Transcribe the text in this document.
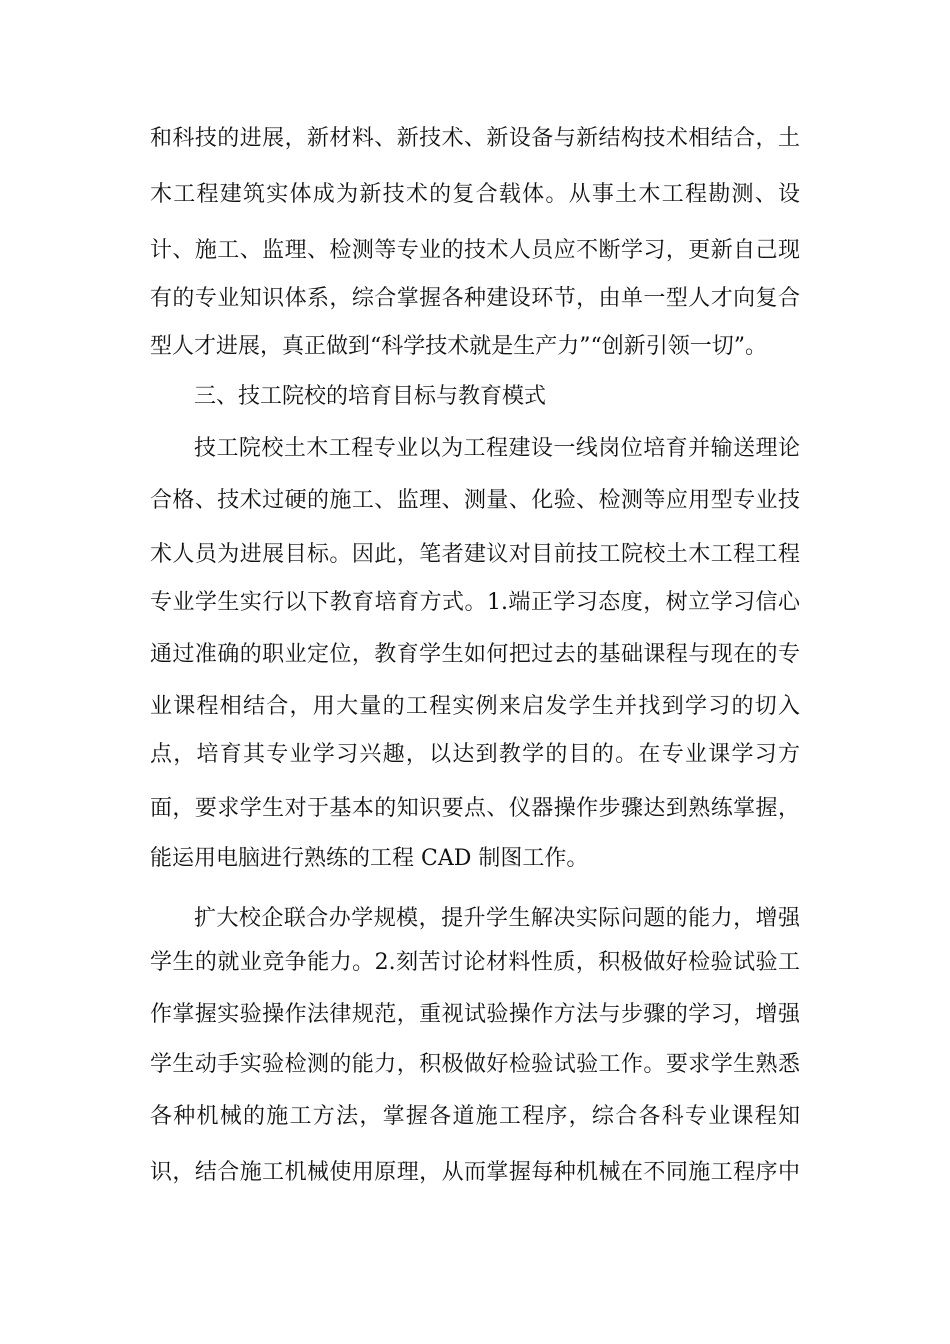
和科技的进展，新材料、新技术、新设备与新结构技术相结合，土
木工程建筑实体成为新技术的复合载体。从事土木工程勘测、设
计、施工、监理、检测等专业的技术人员应不断学习，更新自己现
有的专业知识体系，综合掌握各种建设环节，由单一型人才向复合
型人才进展，真正做到“科学技术就是生产力”“创新引领一切”。
三、技工院校的培育目标与教育模式
技工院校土木工程专业以为工程建设一线岗位培育并输送理论
合格、技术过硬的施工、监理、测量、化验、检测等应用型专业技
术人员为进展目标。因此，笔者建议对目前技工院校土木工程工程
专业学生实行以下教育培育方式。1.端正学习态度，树立学习信心
通过准确的职业定位，教育学生如何把过去的基础课程与现在的专
业课程相结合，用大量的工程实例来启发学生并找到学习的切入
点，培育其专业学习兴趣，以达到教学的目的。在专业课学习方
面，要求学生对于基本的知识要点、仪器操作步骤达到熟练掌握，
能运用电脑进行熟练的工程 CAD 制图工作。
扩大校企联合办学规模，提升学生解决实际问题的能力，增强
学生的就业竞争能力。2.刻苦讨论材料性质，积极做好检验试验工
作掌握实验操作法律规范，重视试验操作方法与步骤的学习，增强
学生动手实验检测的能力，积极做好检验试验工作。要求学生熟悉
各种机械的施工方法，掌握各道施工程序，综合各科专业课程知
识，结合施工机械使用原理，从而掌握每种机械在不同施工程序中
